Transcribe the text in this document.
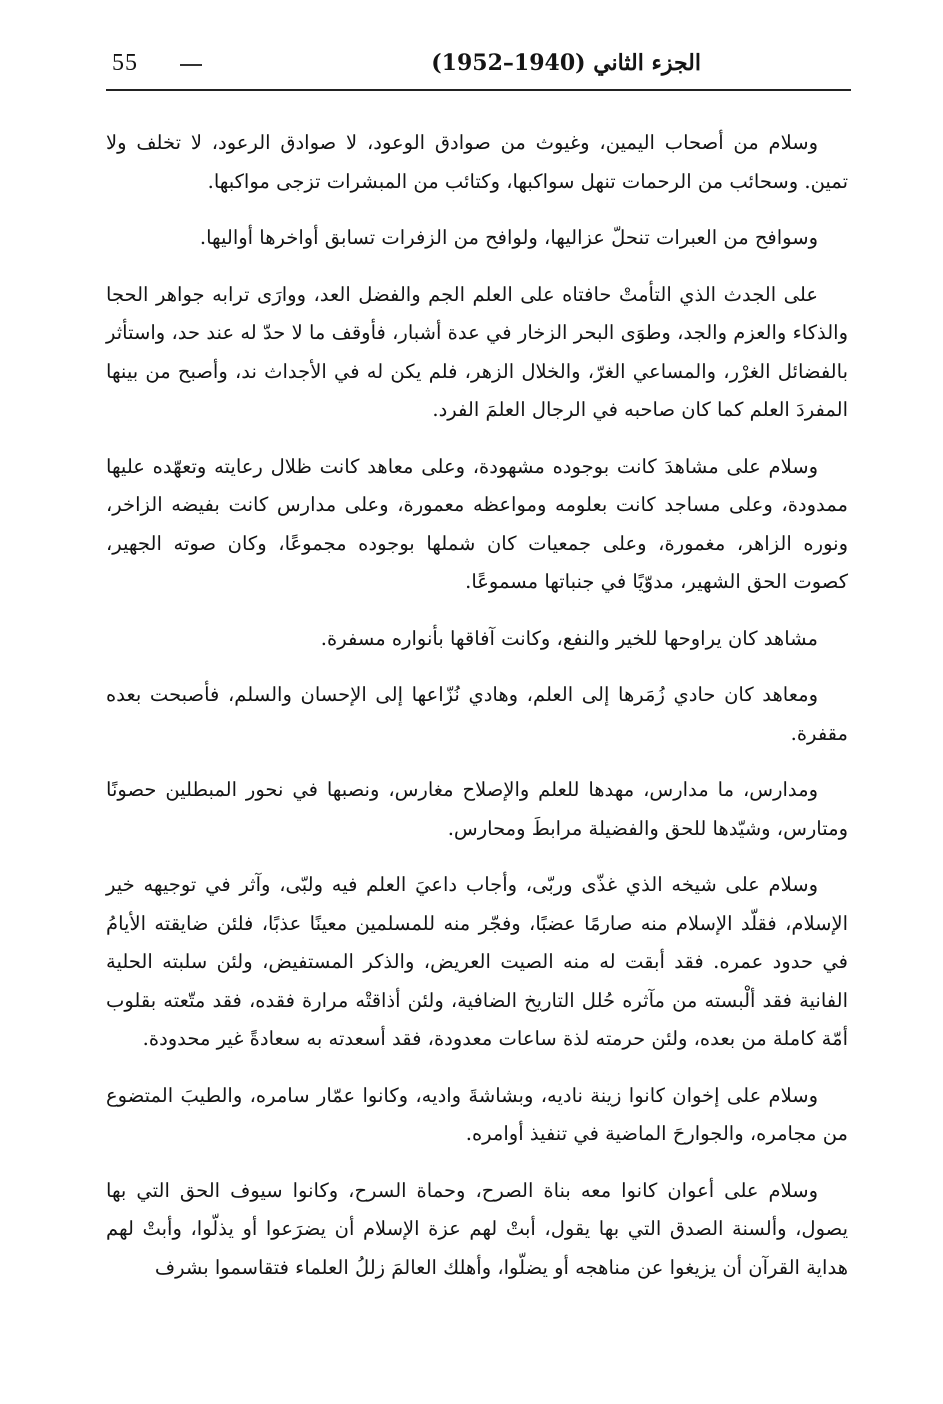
55	الجزء الثاني (1940–1952)

وسلام من أصحاب اليمين، وغيوث من صوادق الوعود، لا صوادق الرعود، لا تخلف ولا تمين. وسحائب من الرحمات تنهل سواكبها، وكتائب من المبشرات تزجى مواكبها.

وسوافح من العبرات تنحلّ عزاليها، ولوافح من الزفرات تسابق أواخرها أواليها.

على الجدث الذي التأمتْ حافتاه على العلم الجم والفضل العد، ووارَى ترابه جواهر الحجا والذكاء والعزم والجد، وطوَى البحر الزخار في عدة أشبار، فأوقف ما لا حدّ له عند حد، واستأثر بالفضائل الغرْر، والمساعي الغرّ، والخلال الزهر، فلم يكن له في الأجداث ند، وأصبح من بينها المفردَ العلم كما كان صاحبه في الرجال العلمَ الفرد.

وسلام على مشاهدَ كانت بوجوده مشهودة، وعلى معاهد كانت ظلال رعايته وتعهّده عليها ممدودة، وعلى مساجد كانت بعلومه ومواعظه معمورة، وعلى مدارس كانت بفيضه الزاخر، ونوره الزاهر، مغمورة، وعلى جمعيات كان شملها بوجوده مجموعًا، وكان صوته الجهير، كصوت الحق الشهير، مدوّيًا في جنباتها مسموعًا.

مشاهد كان يراوحها للخير والنفع، وكانت آفاقها بأنواره مسفرة.

ومعاهد كان حادي زُمَرها إلى العلم، وهادي نُزّاعها إلى الإحسان والسلم، فأصبحت بعده مقفرة.

ومدارس، ما مدارس، مهدها للعلم والإصلاح مغارس، ونصبها في نحور المبطلين حصونًا ومتارس، وشيّدها للحق والفضيلة مرابطَ ومحارس.

وسلام على شيخه الذي غذّى وربّى، وأجاب داعيَ العلم فيه ولبّى، وآثر في توجيهه خير الإسلام، فقلّد الإسلام منه صارمًا عضبًا، وفجّر منه للمسلمين معينًا عذبًا، فلئن ضايقته الأيامُ في حدود عمره. فقد أبقت له منه الصيت العريض، والذكر المستفيض، ولئن سلبته الحلية الفانية فقد ألْبسته من مآثره حُلل التاريخ الضافية، ولئن أذاقتْه مرارة فقده، فقد متّعته بقلوب أمّة كاملة من بعده، ولئن حرمته لذة ساعات معدودة، فقد أسعدته به سعادةً غير محدودة.

وسلام على إخوان كانوا زينة ناديه، وبشاشةَ واديه، وكانوا عمّار سامره، والطيبَ المتضوع من مجامره، والجوارحَ الماضية في تنفيذ أوامره.

وسلام على أعوان كانوا معه بناة الصرح، وحماة السرح، وكانوا سيوف الحق التي بها يصول، وألسنة الصدق التي بها يقول، أبتْ لهم عزة الإسلام أن يضرَعوا أو يذلّوا، وأبتْ لهم هداية القرآن أن يزيغوا عن مناهجه أو يضلّوا، وأهلك العالمَ زللُ العلماء فتقاسموا بشرف
